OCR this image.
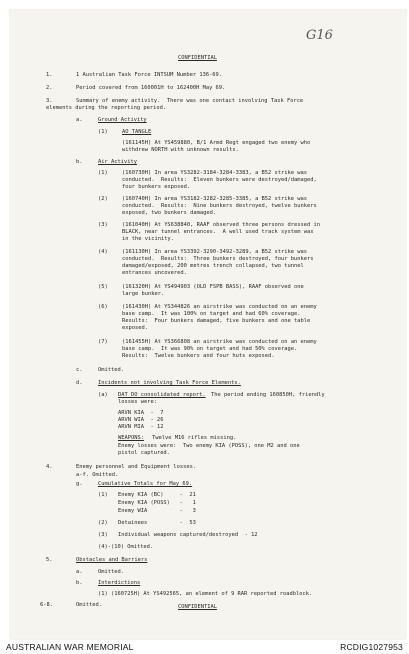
G16
CONFIDENTIAL
1.	1 Australian Task Force INTSUM Number 136-69.
2.	Period covered from 160001H to 162400H May 69.
3.	Summary of enemy activity.  There was one contact involving Task Force
elements during the reporting period.
a.	Ground Activity
(1)	AO TANGLE
(161145H) At YS459880, B/1 Armd Regt engaged two enemy who
withdrew NORTH with unknown results.
b.	Air Activity
(1)	(160730H) In area YS3282-3184-3284-3383, a B52 strike was
conducted.  Results:  Eleven bunkers were destroyed/damaged,
four bunkers exposed.
(2)	(160740H) In area YS3182-3282-3285-3385, a B52 strike was
conducted.  Results:  Nine bunkers destroyed, twelve bunkers
exposed, two bunkers damaged.
(3)	(161040H) At YS638840, RAAF observed three persons dressed in
BLACK, near tunnel entrances.  A well used track system was
in the vicinity.
(4)	(161130H) In area YS3392-3290-3492-3289, a B52 strike was
conducted.  Results:  Three bunkers destroyed, four bunkers
damaged/exposed, 200 metres trench collapsed, two tunnel
entrances uncovered.
(5)	(161320H) At YS494903 (OLD FSPB BASS), RAAF observed one
large bunker.
(6)	(161430H) At YS344826 an airstrike was conducted on an enemy
base camp.  It was 100% on target and had 60% coverage.
Results:  Four bunkers damaged, five bunkers and one table
exposed.
(7)	(161455H) At YS366808 an airstrike was conducted on an enemy
base camp.  It was 90% on target and had 50% coverage.
Results:  Twelve bunkers and four huts exposed.
c.	Omitted.
d.	Incidents not involving Task Force Elements.
(a) DAT DO consolidated report. The period ending 160850H, friendly
losses were:
ARVN KIA  -  7
ARVN WIA  - 26
ARVN MIA  - 12
WEAPONS: Twelve M16 rifles missing.
Enemy losses were:  Two enemy KIA (POSS), one M2 and one
pistol captured.
4.	Enemy personnel and Equipment losses.
a-f. Omitted.
g.	Cumulative Totals for May 69.
(1) Enemy KIA (BC)     -  21
Enemy KIA (POSS)   -   1
Enemy WIA          -   3
(2) Detainees          -  53
(3) Individual weapons captured/destroyed  - 12
(4)-(10) Omitted.
5.	Obstacles and Barriers
a.	Omitted.
b.	Interdictions
(1) (160725H) At YS492565, an element of 9 RAR reported roadblock.
6-8.	Omitted.	CONFIDENTIAL
AUSTRALIAN WAR MEMORIAL	RCDIG1027953
